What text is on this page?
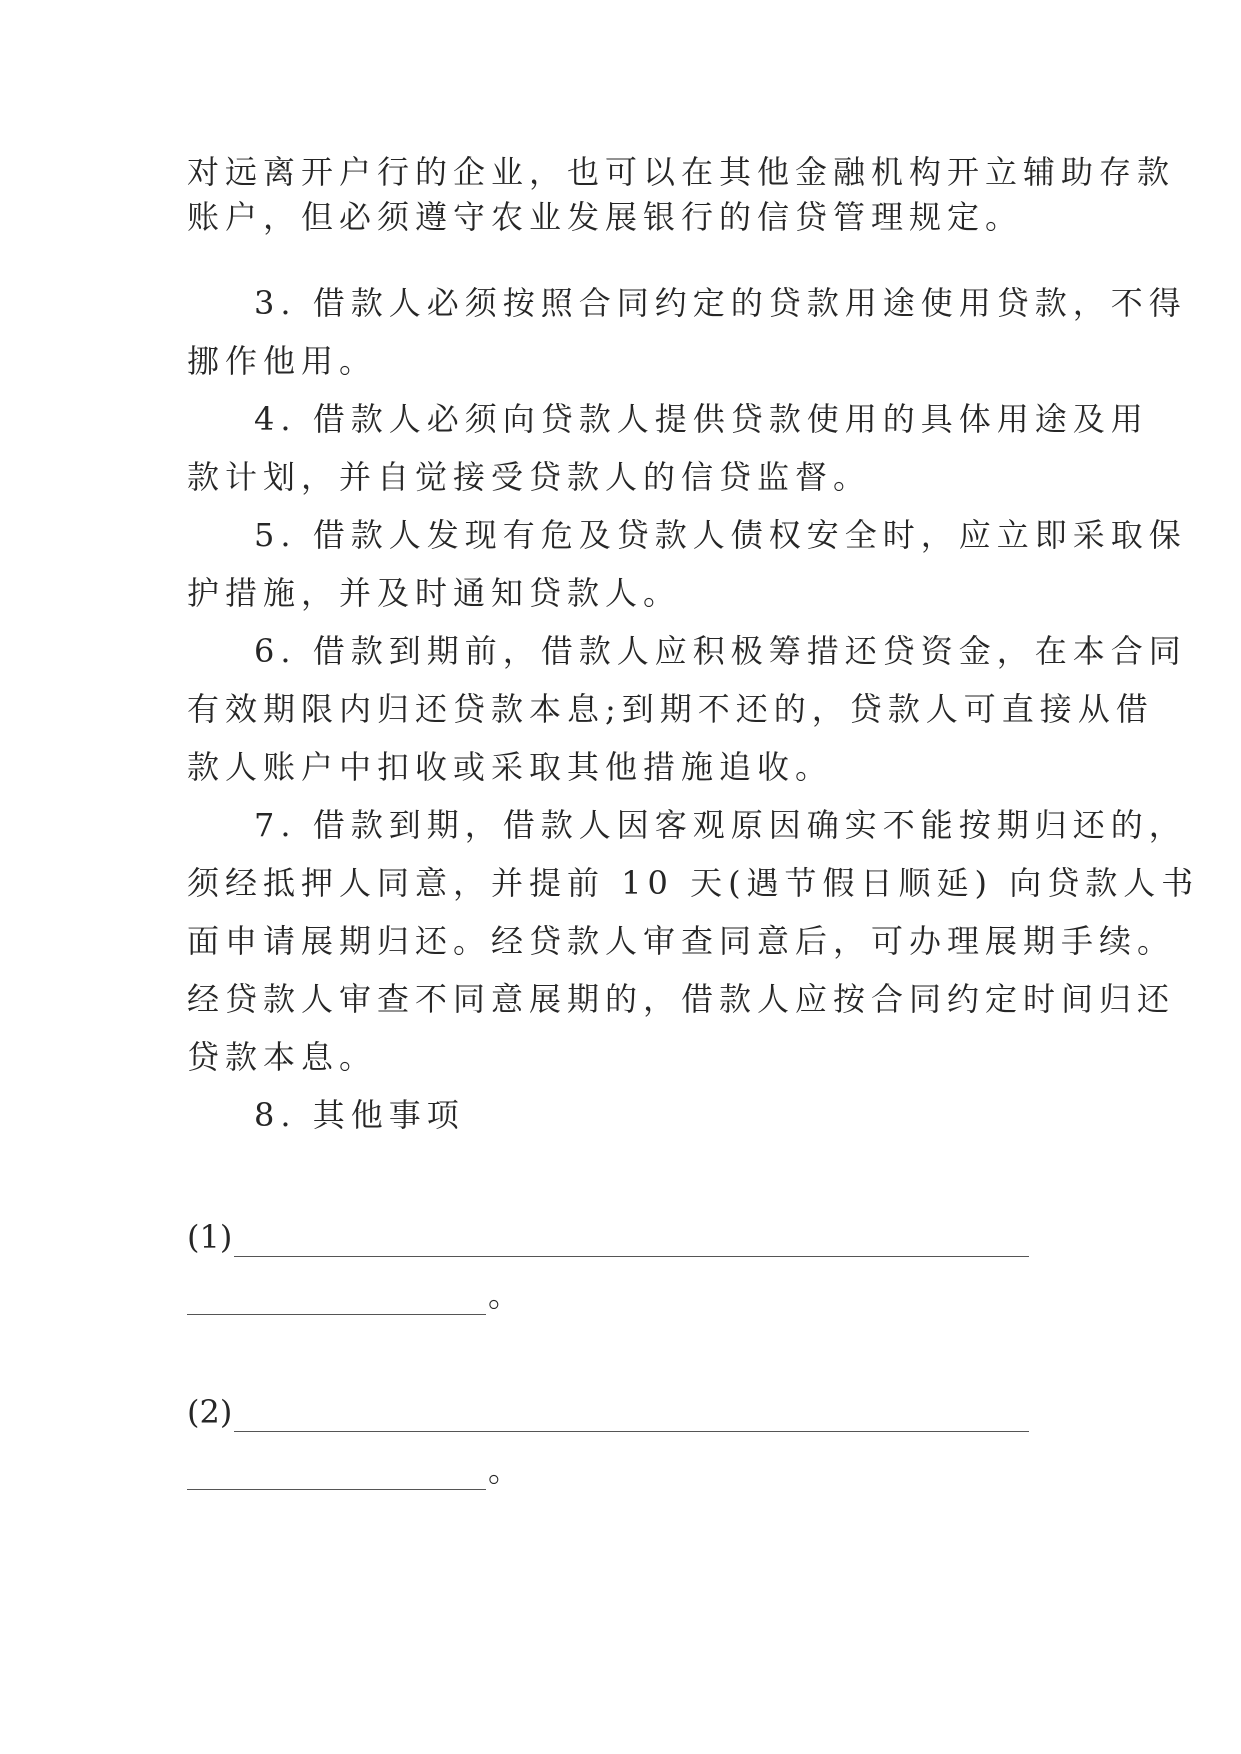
对远离开户行的企业，也可以在其他金融机构开立辅助存款
账户，但必须遵守农业发展银行的信贷管理规定。
3. 借款人必须按照合同约定的贷款用途使用贷款，不得
挪作他用。
4. 借款人必须向贷款人提供贷款使用的具体用途及用
款计划，并自觉接受贷款人的信贷监督。
5. 借款人发现有危及贷款人债权安全时，应立即采取保
护措施，并及时通知贷款人。
6. 借款到期前，借款人应积极筹措还贷资金，在本合同
有效期限内归还贷款本息;到期不还的，贷款人可直接从借
款人账户中扣收或采取其他措施追收。
7. 借款到期，借款人因客观原因确实不能按期归还的，
须经抵押人同意，并提前 10 天(遇节假日顺延) 向贷款人书
面申请展期归还。经贷款人审查同意后，可办理展期手续。
经贷款人审查不同意展期的，借款人应按合同约定时间归还
贷款本息。
8. 其他事项
(1)
。
(2)
。
